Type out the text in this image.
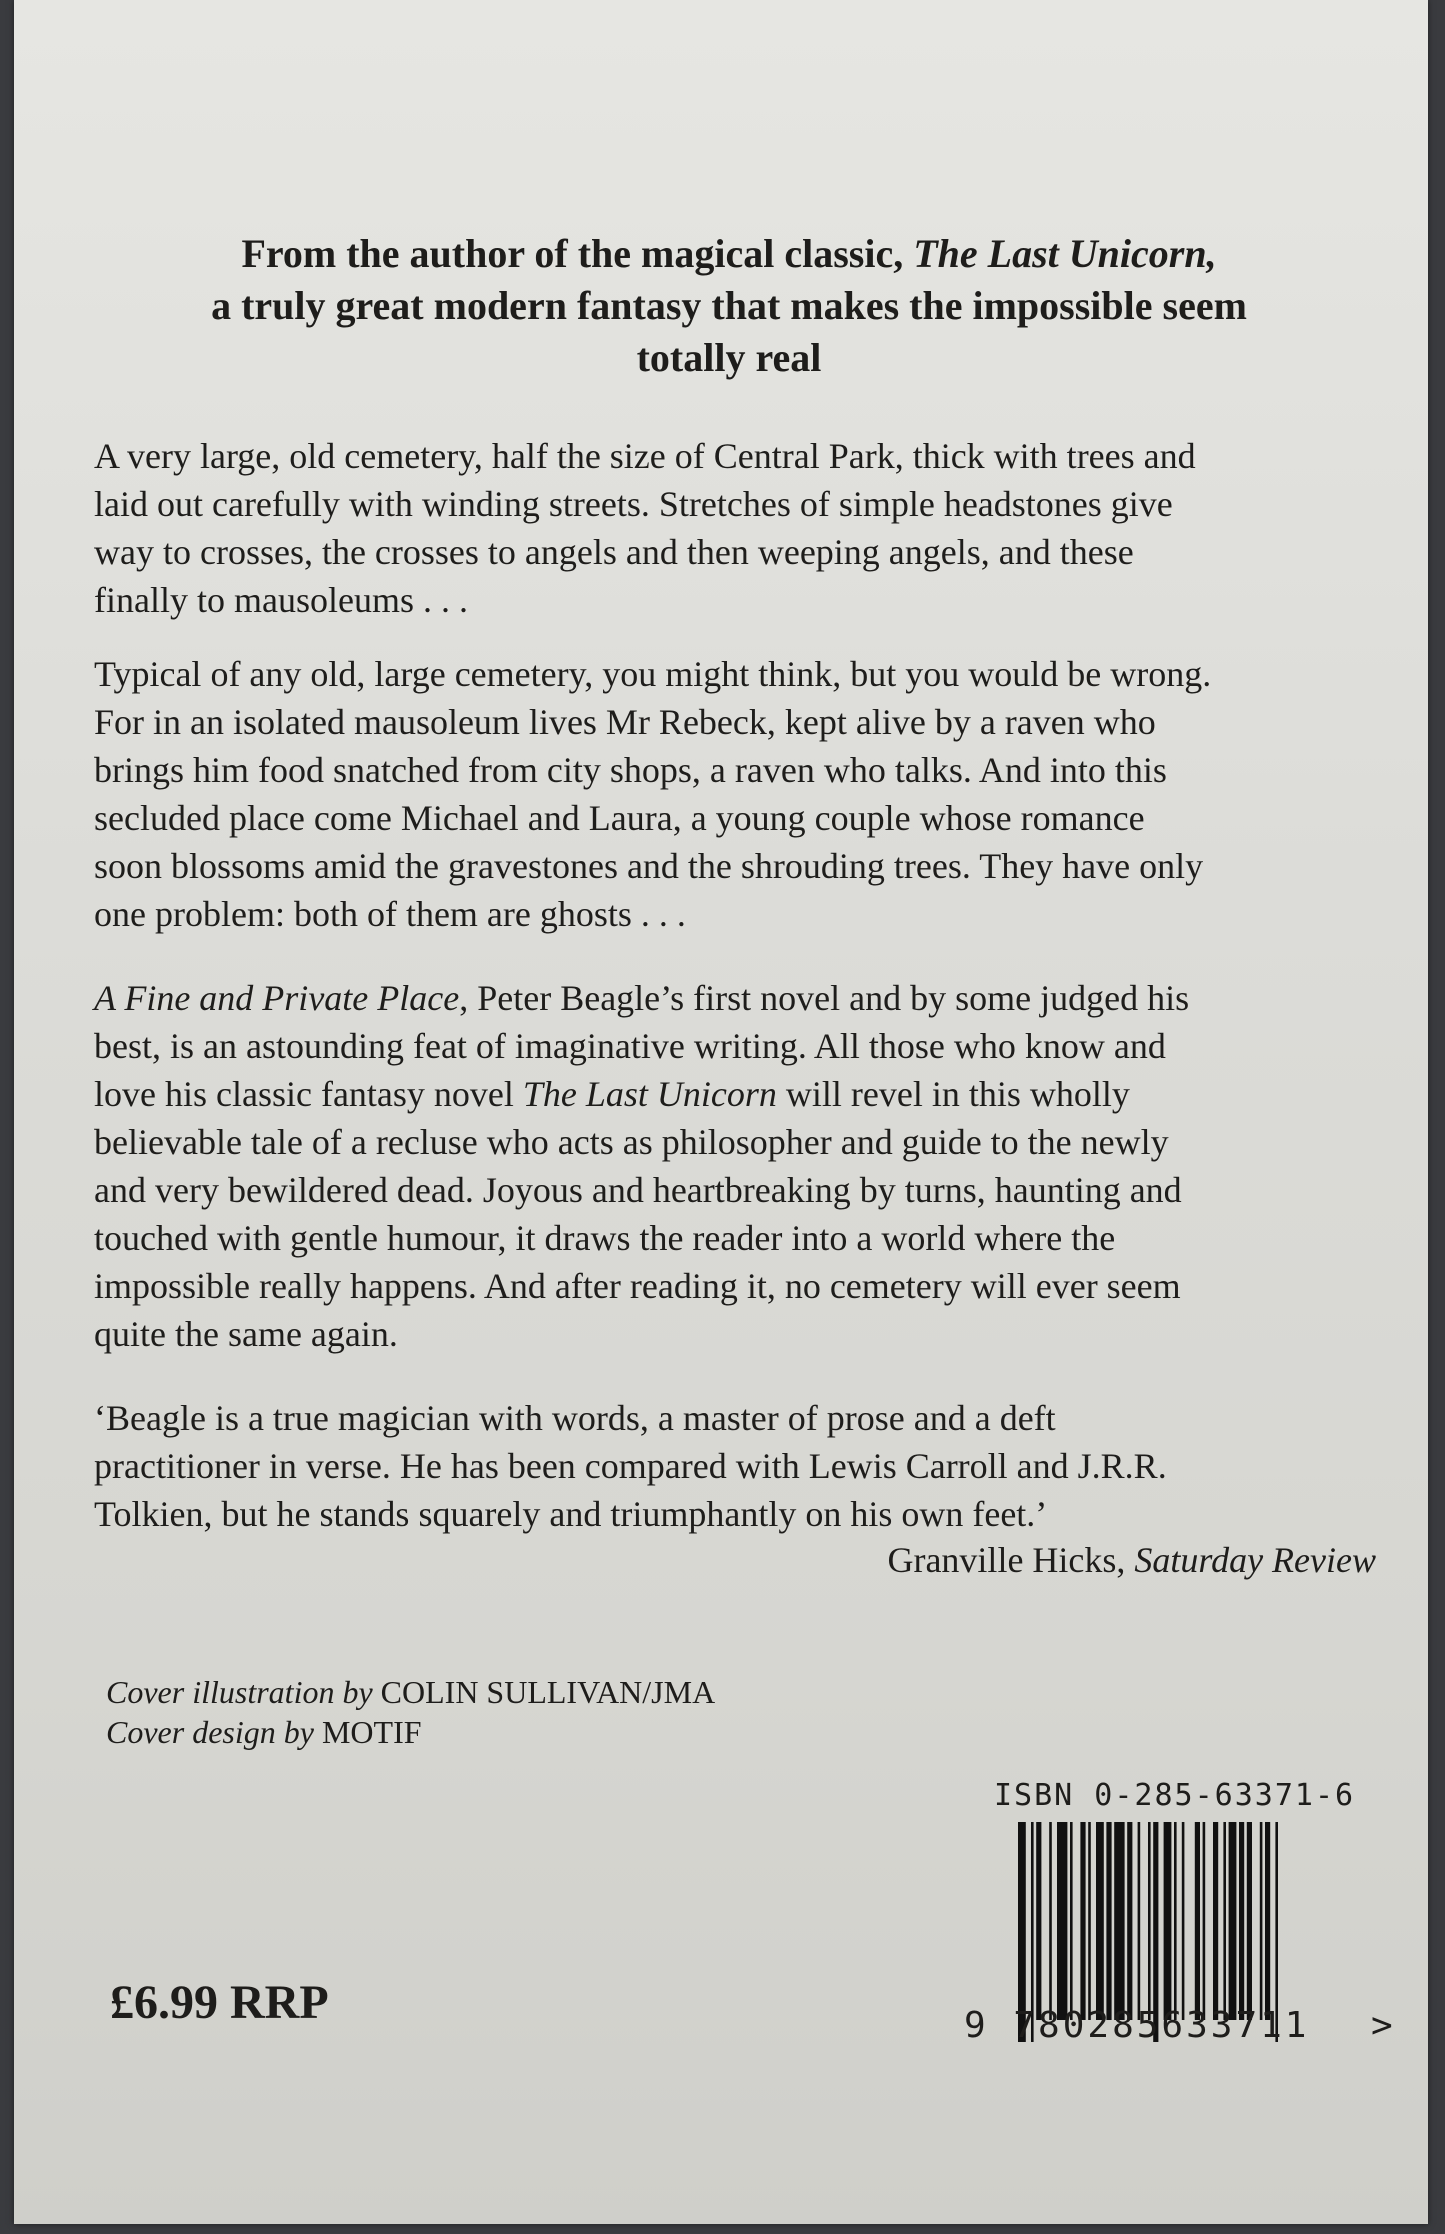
From the author of the magical classic, The Last Unicorn,
a truly great modern fantasy that makes the impossible seem
totally real
A very large, old cemetery, half the size of Central Park, thick with trees and
laid out carefully with winding streets. Stretches of simple headstones give
way to crosses, the crosses to angels and then weeping angels, and these
finally to mausoleums . . .
Typical of any old, large cemetery, you might think, but you would be wrong.
For in an isolated mausoleum lives Mr Rebeck, kept alive by a raven who
brings him food snatched from city shops, a raven who talks. And into this
secluded place come Michael and Laura, a young couple whose romance
soon blossoms amid the gravestones and the shrouding trees. They have only
one problem: both of them are ghosts . . .
A Fine and Private Place, Peter Beagle’s first novel and by some judged his
best, is an astounding feat of imaginative writing. All those who know and
love his classic fantasy novel The Last Unicorn will revel in this wholly
believable tale of a recluse who acts as philosopher and guide to the newly
and very bewildered dead. Joyous and heartbreaking by turns, haunting and
touched with gentle humour, it draws the reader into a world where the
impossible really happens. And after reading it, no cemetery will ever seem
quite the same again.
‘Beagle is a true magician with words, a master of prose and a deft
practitioner in verse. He has been compared with Lewis Carroll and J.R.R.
Tolkien, but he stands squarely and triumphantly on his own feet.’
Granville Hicks, Saturday Review
Cover illustration by COLIN SULLIVAN/JMA
Cover design by MOTIF
£6.99 RRP
ISBN 0-285-63371-6
9 780285633711 >
